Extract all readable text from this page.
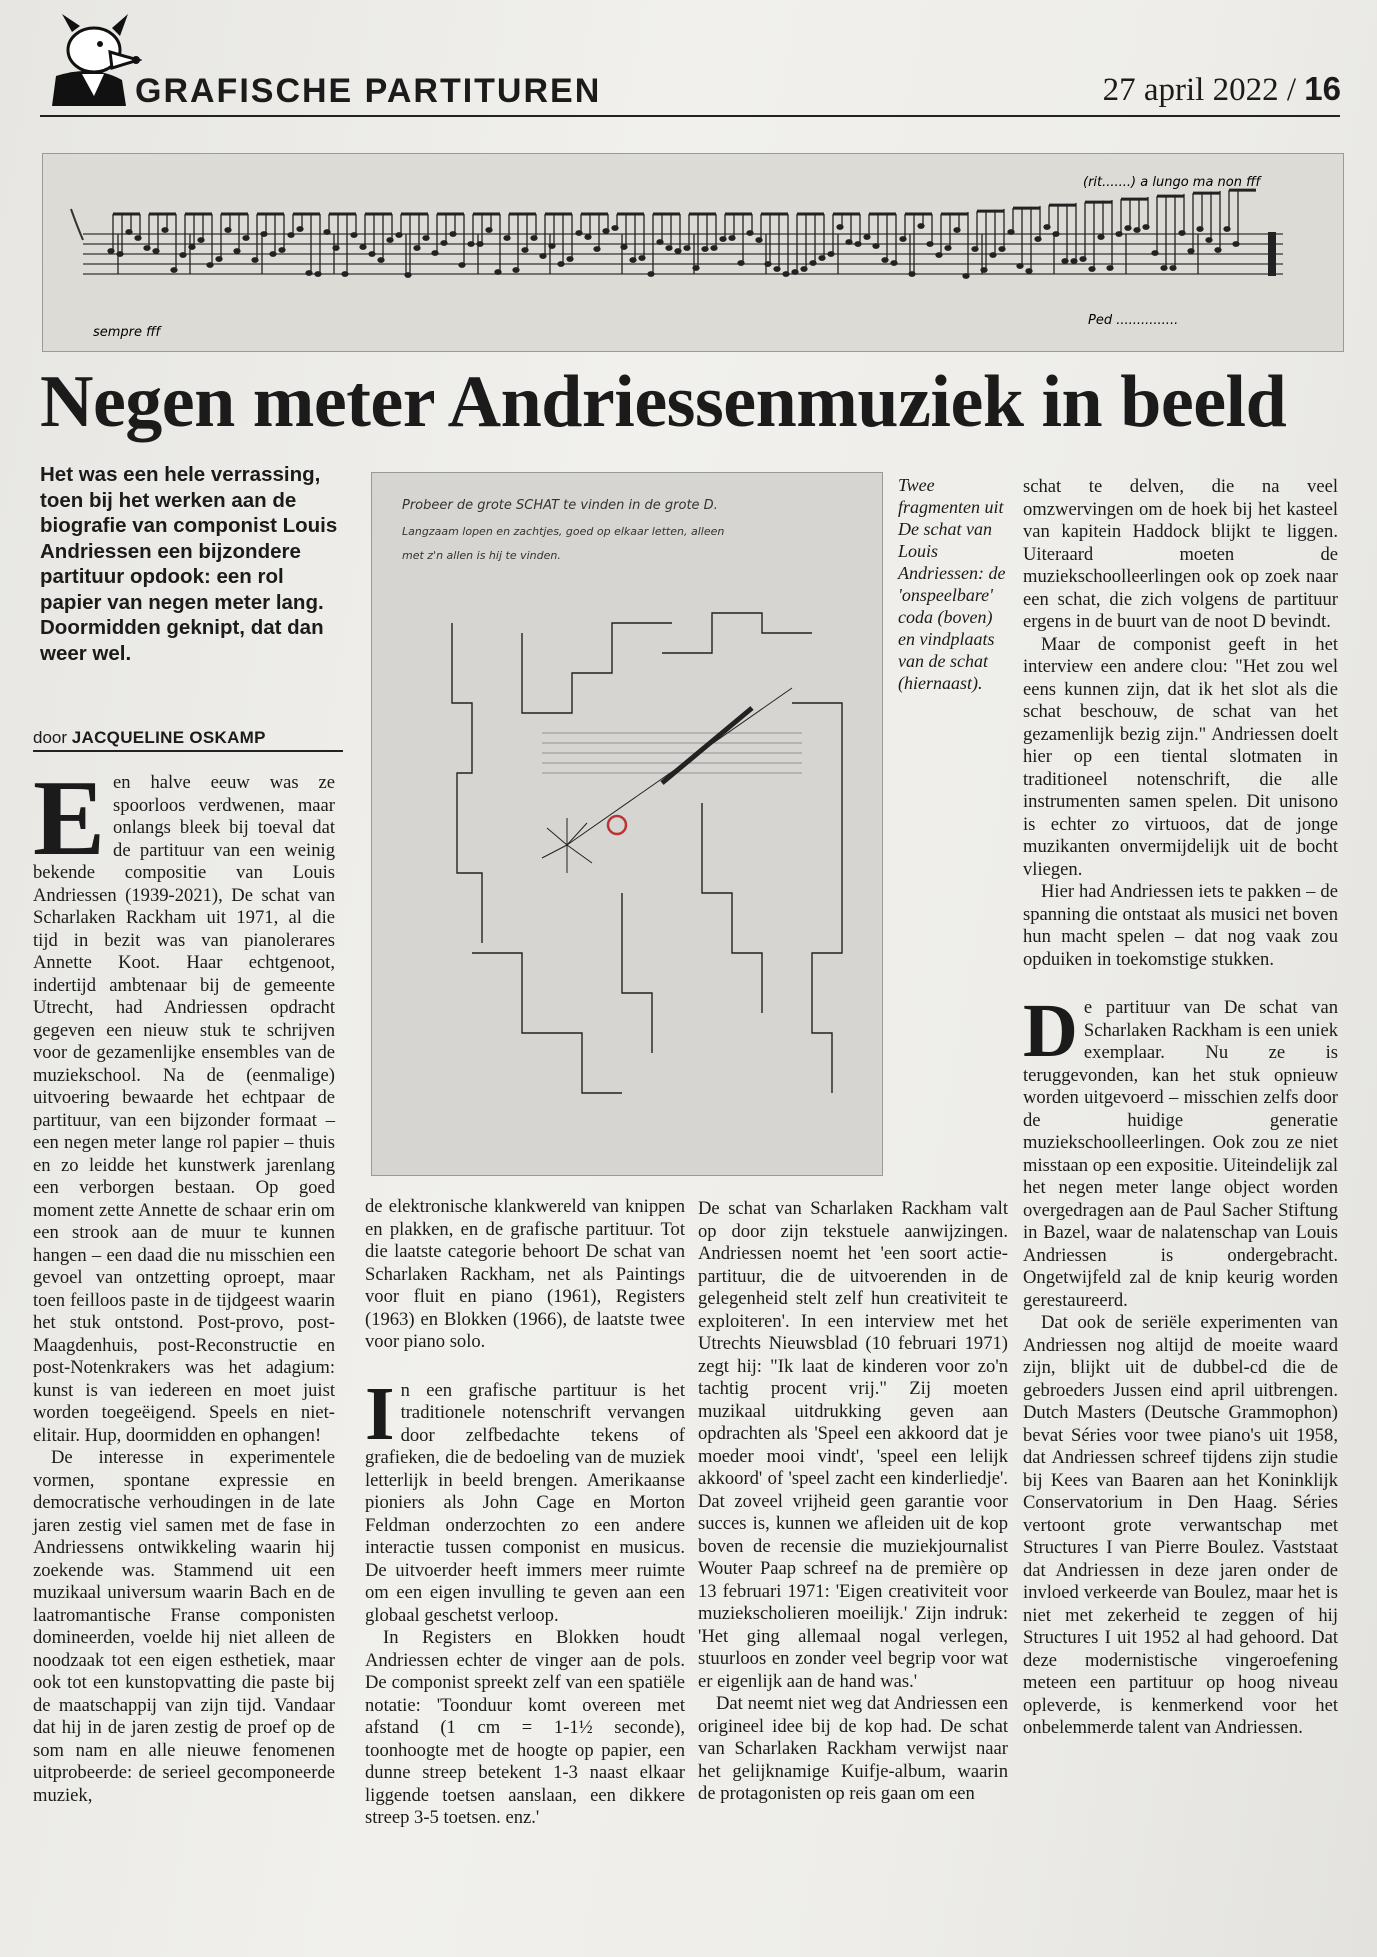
GRAFISCHE PARTITUREN	27 april 2022 / 16
sempre fff
(rit.......) a lungo ma non fff
Ped ...............
Negen meter Andriessenmuziek in beeld
Het was een hele verrassing, toen bij het werken aan de biografie van componist Louis Andriessen een bijzondere partituur opdook: een rol papier van negen meter lang. Doormidden geknipt, dat dan weer wel.
door JACQUELINE OSKAMP

Een halve eeuw was ze spoorloos verdwenen, maar onlangs bleek bij toeval dat de partituur van een weinig bekende compositie van Louis Andriessen (1939-2021), De schat van Scharlaken Rackham uit 1971, al die tijd in bezit was van pianolerares Annette Koot. Haar echtgenoot, indertijd ambtenaar bij de gemeente Utrecht, had Andriessen opdracht gegeven een nieuw stuk te schrijven voor de gezamenlijke ensembles van de muziekschool. Na de (eenmalige) uitvoering bewaarde het echtpaar de partituur, van een bijzonder formaat – een negen meter lange rol papier – thuis en zo leidde het kunstwerk jarenlang een verborgen bestaan. Op goed moment zette Annette de schaar erin om een strook aan de muur te kunnen hangen – een daad die nu misschien een gevoel van ontzetting oproept, maar toen feilloos paste in de tijdgeest waarin het stuk ontstond. Post-provo, post-Maagdenhuis, post-Reconstructie en post-Notenkrakers was het adagium: kunst is van iedereen en moet juist worden toegeëigend. Speels en niet-elitair. Hup, doormidden en ophangen!

De interesse in experimentele vormen, spontane expressie en democratische verhoudingen in de late jaren zestig viel samen met de fase in Andriessens ontwikkeling waarin hij zoekende was. Stammend uit een muzikaal universum waarin Bach en de laatromantische Franse componisten domineerden, voelde hij niet alleen de noodzaak tot een eigen esthetiek, maar ook tot een kunstopvatting die paste bij de maatschappij van zijn tijd. Vandaar dat hij in de jaren zestig de proef op de som nam en alle nieuwe fenomenen uitprobeerde: de serieel gecomponeerde muziek,

Probeer de grote SCHAT te vinden in de grote D.
Langzaam lopen en zachtjes, goed op elkaar letten, alleen
met z'n allen is hij te vinden.
Twee fragmenten uit De schat van Louis Andriessen: de 'onspeelbare' coda (boven) en vindplaats van de schat (hiernaast).

de elektronische klankwereld van knippen en plakken, en de grafische partituur. Tot die laatste categorie behoort De schat van Scharlaken Rackham, net als Paintings voor fluit en piano (1961), Registers (1963) en Blokken (1966), de laatste twee voor piano solo.

In een grafische partituur is het traditionele notenschrift vervangen door zelfbedachte tekens of grafieken, die de bedoeling van de muziek letterlijk in beeld brengen. Amerikaanse pioniers als John Cage en Morton Feldman onderzochten zo een andere interactie tussen componist en musicus. De uitvoerder heeft immers meer ruimte om een eigen invulling te geven aan een globaal geschetst verloop.

In Registers en Blokken houdt Andriessen echter de vinger aan de pols. De componist spreekt zelf van een spatiële notatie: 'Toonduur komt overeen met afstand (1 cm = 1-1½ seconde), toonhoogte met de hoogte op papier, een dunne streep betekent 1-3 naast elkaar liggende toetsen aanslaan, een dikkere streep 3-5 toetsen. enz.'

De schat van Scharlaken Rackham valt op door zijn tekstuele aanwijzingen. Andriessen noemt het 'een soort actie-partituur, die de uitvoerenden in de gelegenheid stelt zelf hun creativiteit te exploiteren'. In een interview met het Utrechts Nieuwsblad (10 februari 1971) zegt hij: "Ik laat de kinderen voor zo'n tachtig procent vrij." Zij moeten muzikaal uitdrukking geven aan opdrachten als 'Speel een akkoord dat je moeder mooi vindt', 'speel een lelijk akkoord' of 'speel zacht een kinderliedje'. Dat zoveel vrijheid geen garantie voor succes is, kunnen we afleiden uit de kop boven de recensie die muziekjournalist Wouter Paap schreef na de première op 13 februari 1971: 'Eigen creativiteit voor muziekscholieren moeilijk.' Zijn indruk: 'Het ging allemaal nogal verlegen, stuurloos en zonder veel begrip voor wat er eigenlijk aan de hand was.'

Dat neemt niet weg dat Andriessen een origineel idee bij de kop had. De schat van Scharlaken Rackham verwijst naar het gelijknamige Kuifje-album, waarin de protagonisten op reis gaan om een

schat te delven, die na veel omzwervingen om de hoek bij het kasteel van kapitein Haddock blijkt te liggen. Uiteraard moeten de muziekschoolleerlingen ook op zoek naar een schat, die zich volgens de partituur ergens in de buurt van de noot D bevindt.

Maar de componist geeft in het interview een andere clou: "Het zou wel eens kunnen zijn, dat ik het slot als die schat beschouw, de schat van het gezamenlijk bezig zijn." Andriessen doelt hier op een tiental slotmaten in traditioneel notenschrift, die alle instrumenten samen spelen. Dit unisono is echter zo virtuoos, dat de jonge muzikanten onvermijdelijk uit de bocht vliegen.

Hier had Andriessen iets te pakken – de spanning die ontstaat als musici net boven hun macht spelen – dat nog vaak zou opduiken in toekomstige stukken.

De partituur van De schat van Scharlaken Rackham is een uniek exemplaar. Nu ze is teruggevonden, kan het stuk opnieuw worden uitgevoerd – misschien zelfs door de huidige generatie muziekschoolleerlingen. Ook zou ze niet misstaan op een expositie. Uiteindelijk zal het negen meter lange object worden overgedragen aan de Paul Sacher Stiftung in Bazel, waar de nalatenschap van Louis Andriessen is ondergebracht. Ongetwijfeld zal de knip keurig worden gerestaureerd.

Dat ook de seriële experimenten van Andriessen nog altijd de moeite waard zijn, blijkt uit de dubbel-cd die de gebroeders Jussen eind april uitbrengen. Dutch Masters (Deutsche Grammophon) bevat Séries voor twee piano's uit 1958, dat Andriessen schreef tijdens zijn studie bij Kees van Baaren aan het Koninklijk Conservatorium in Den Haag. Séries vertoont grote verwantschap met Structures I van Pierre Boulez. Vaststaat dat Andriessen in deze jaren onder de invloed verkeerde van Boulez, maar het is niet met zekerheid te zeggen of hij Structures I uit 1952 al had gehoord. Dat deze modernistische vingeroefening meteen een partituur op hoog niveau opleverde, is kenmerkend voor het onbelemmerde talent van Andriessen.
